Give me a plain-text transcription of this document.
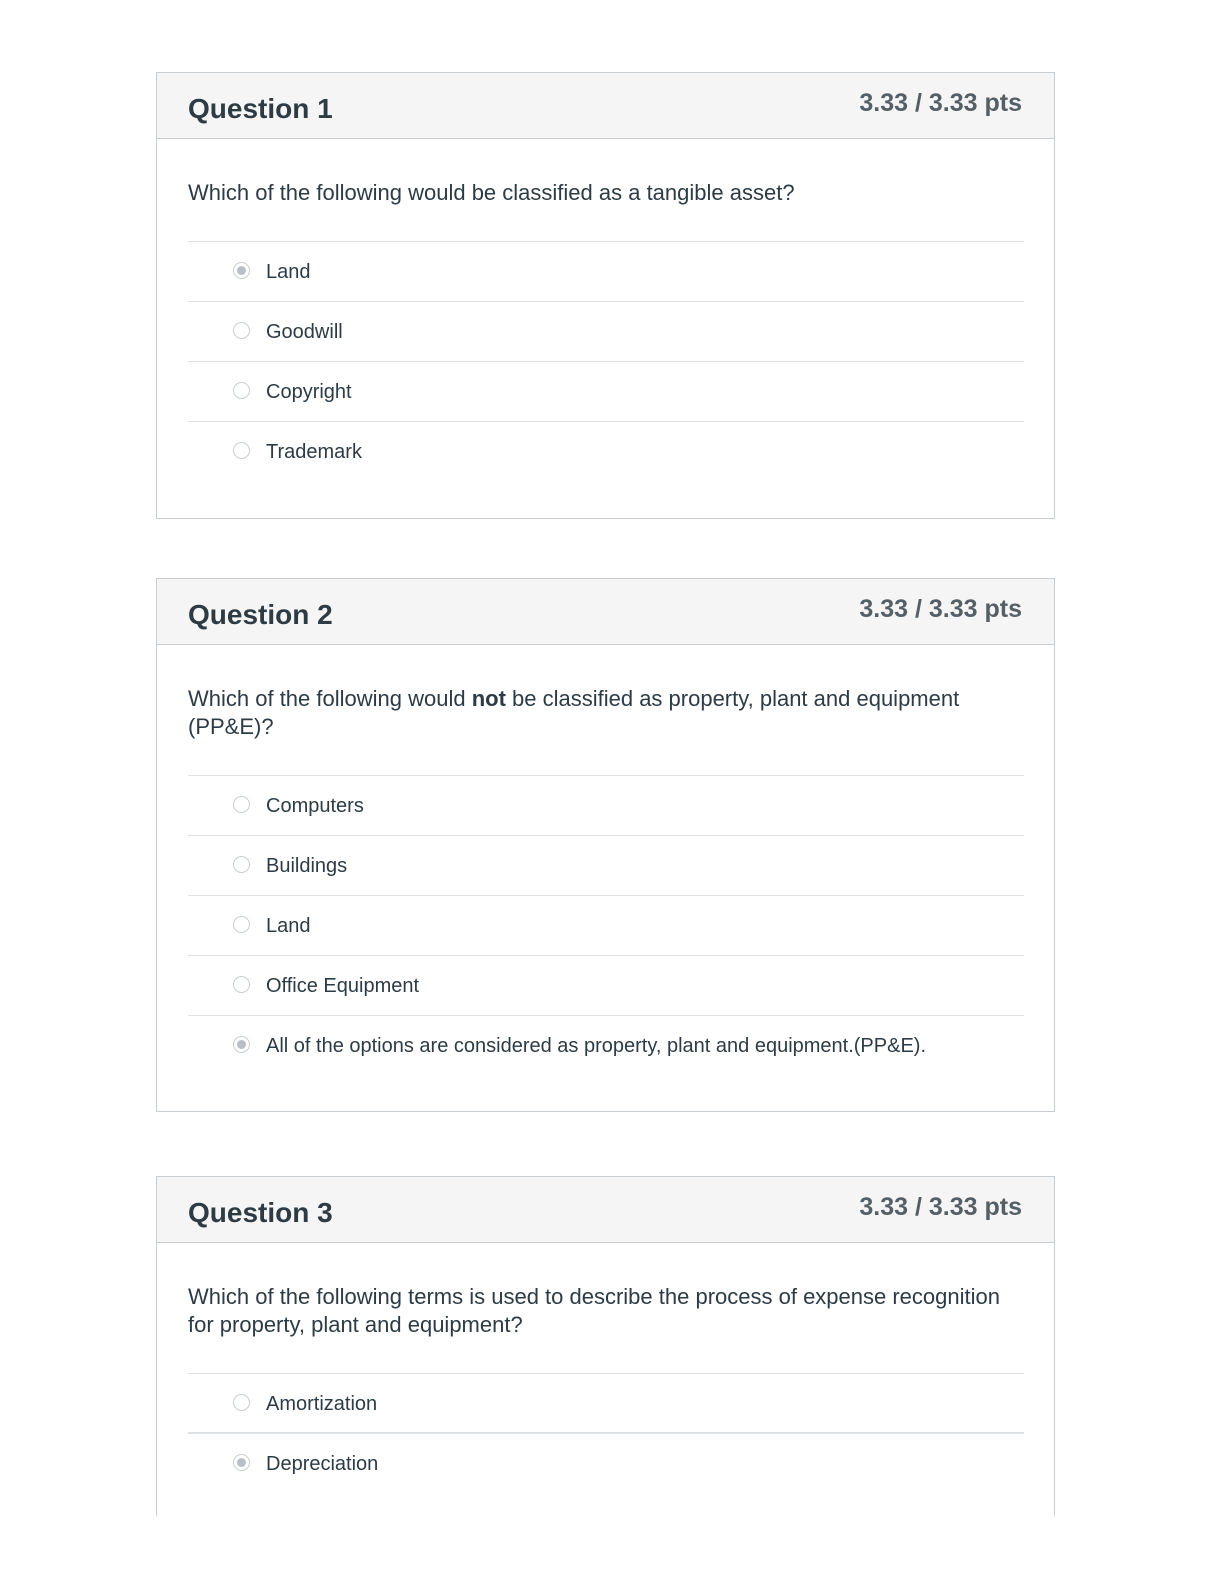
Question 1	3.33 / 3.33 pts
Which of the following would be classified as a tangible asset?
Land
Goodwill
Copyright
Trademark
Question 2	3.33 / 3.33 pts
Which of the following would not be classified as property, plant and equipment (PP&E)?
Computers
Buildings
Land
Office Equipment
All of the options are considered as property, plant and equipment.(PP&E).
Question 3	3.33 / 3.33 pts
Which of the following terms is used to describe the process of expense recognition for property, plant and equipment?
Amortization
Depreciation
